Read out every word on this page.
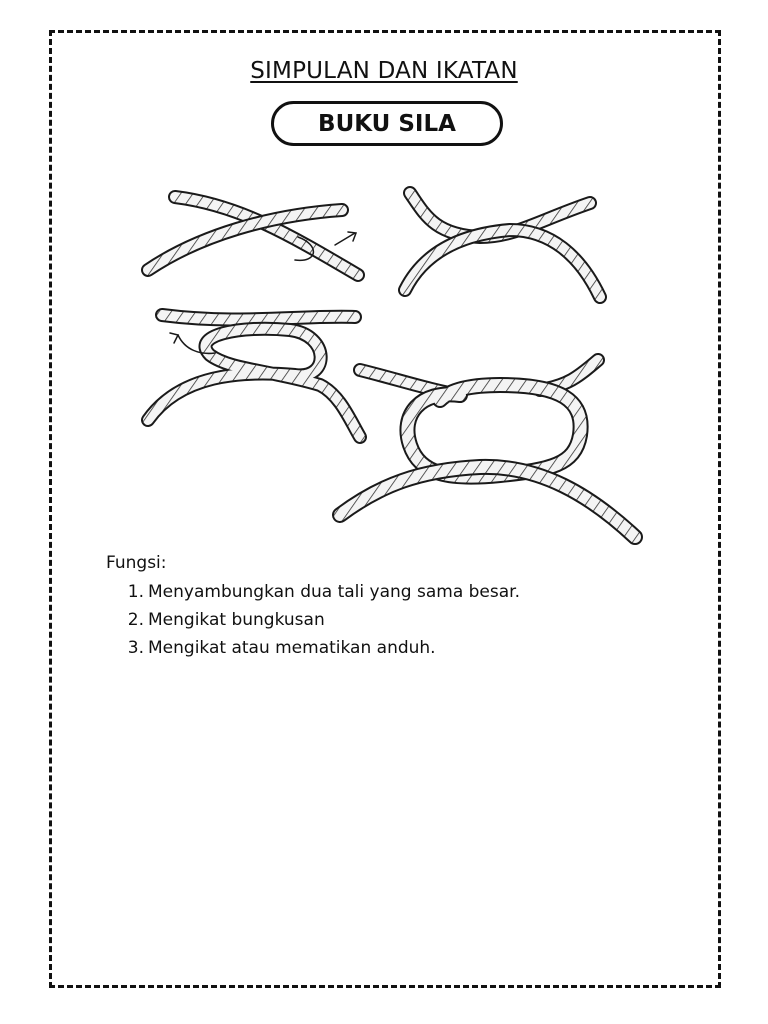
SIMPULAN DAN IKATAN
BUKU SILA
Fungsi:
1. Menyambungkan dua tali yang sama besar.
2. Mengikat bungkusan
3. Mengikat atau mematikan anduh.
